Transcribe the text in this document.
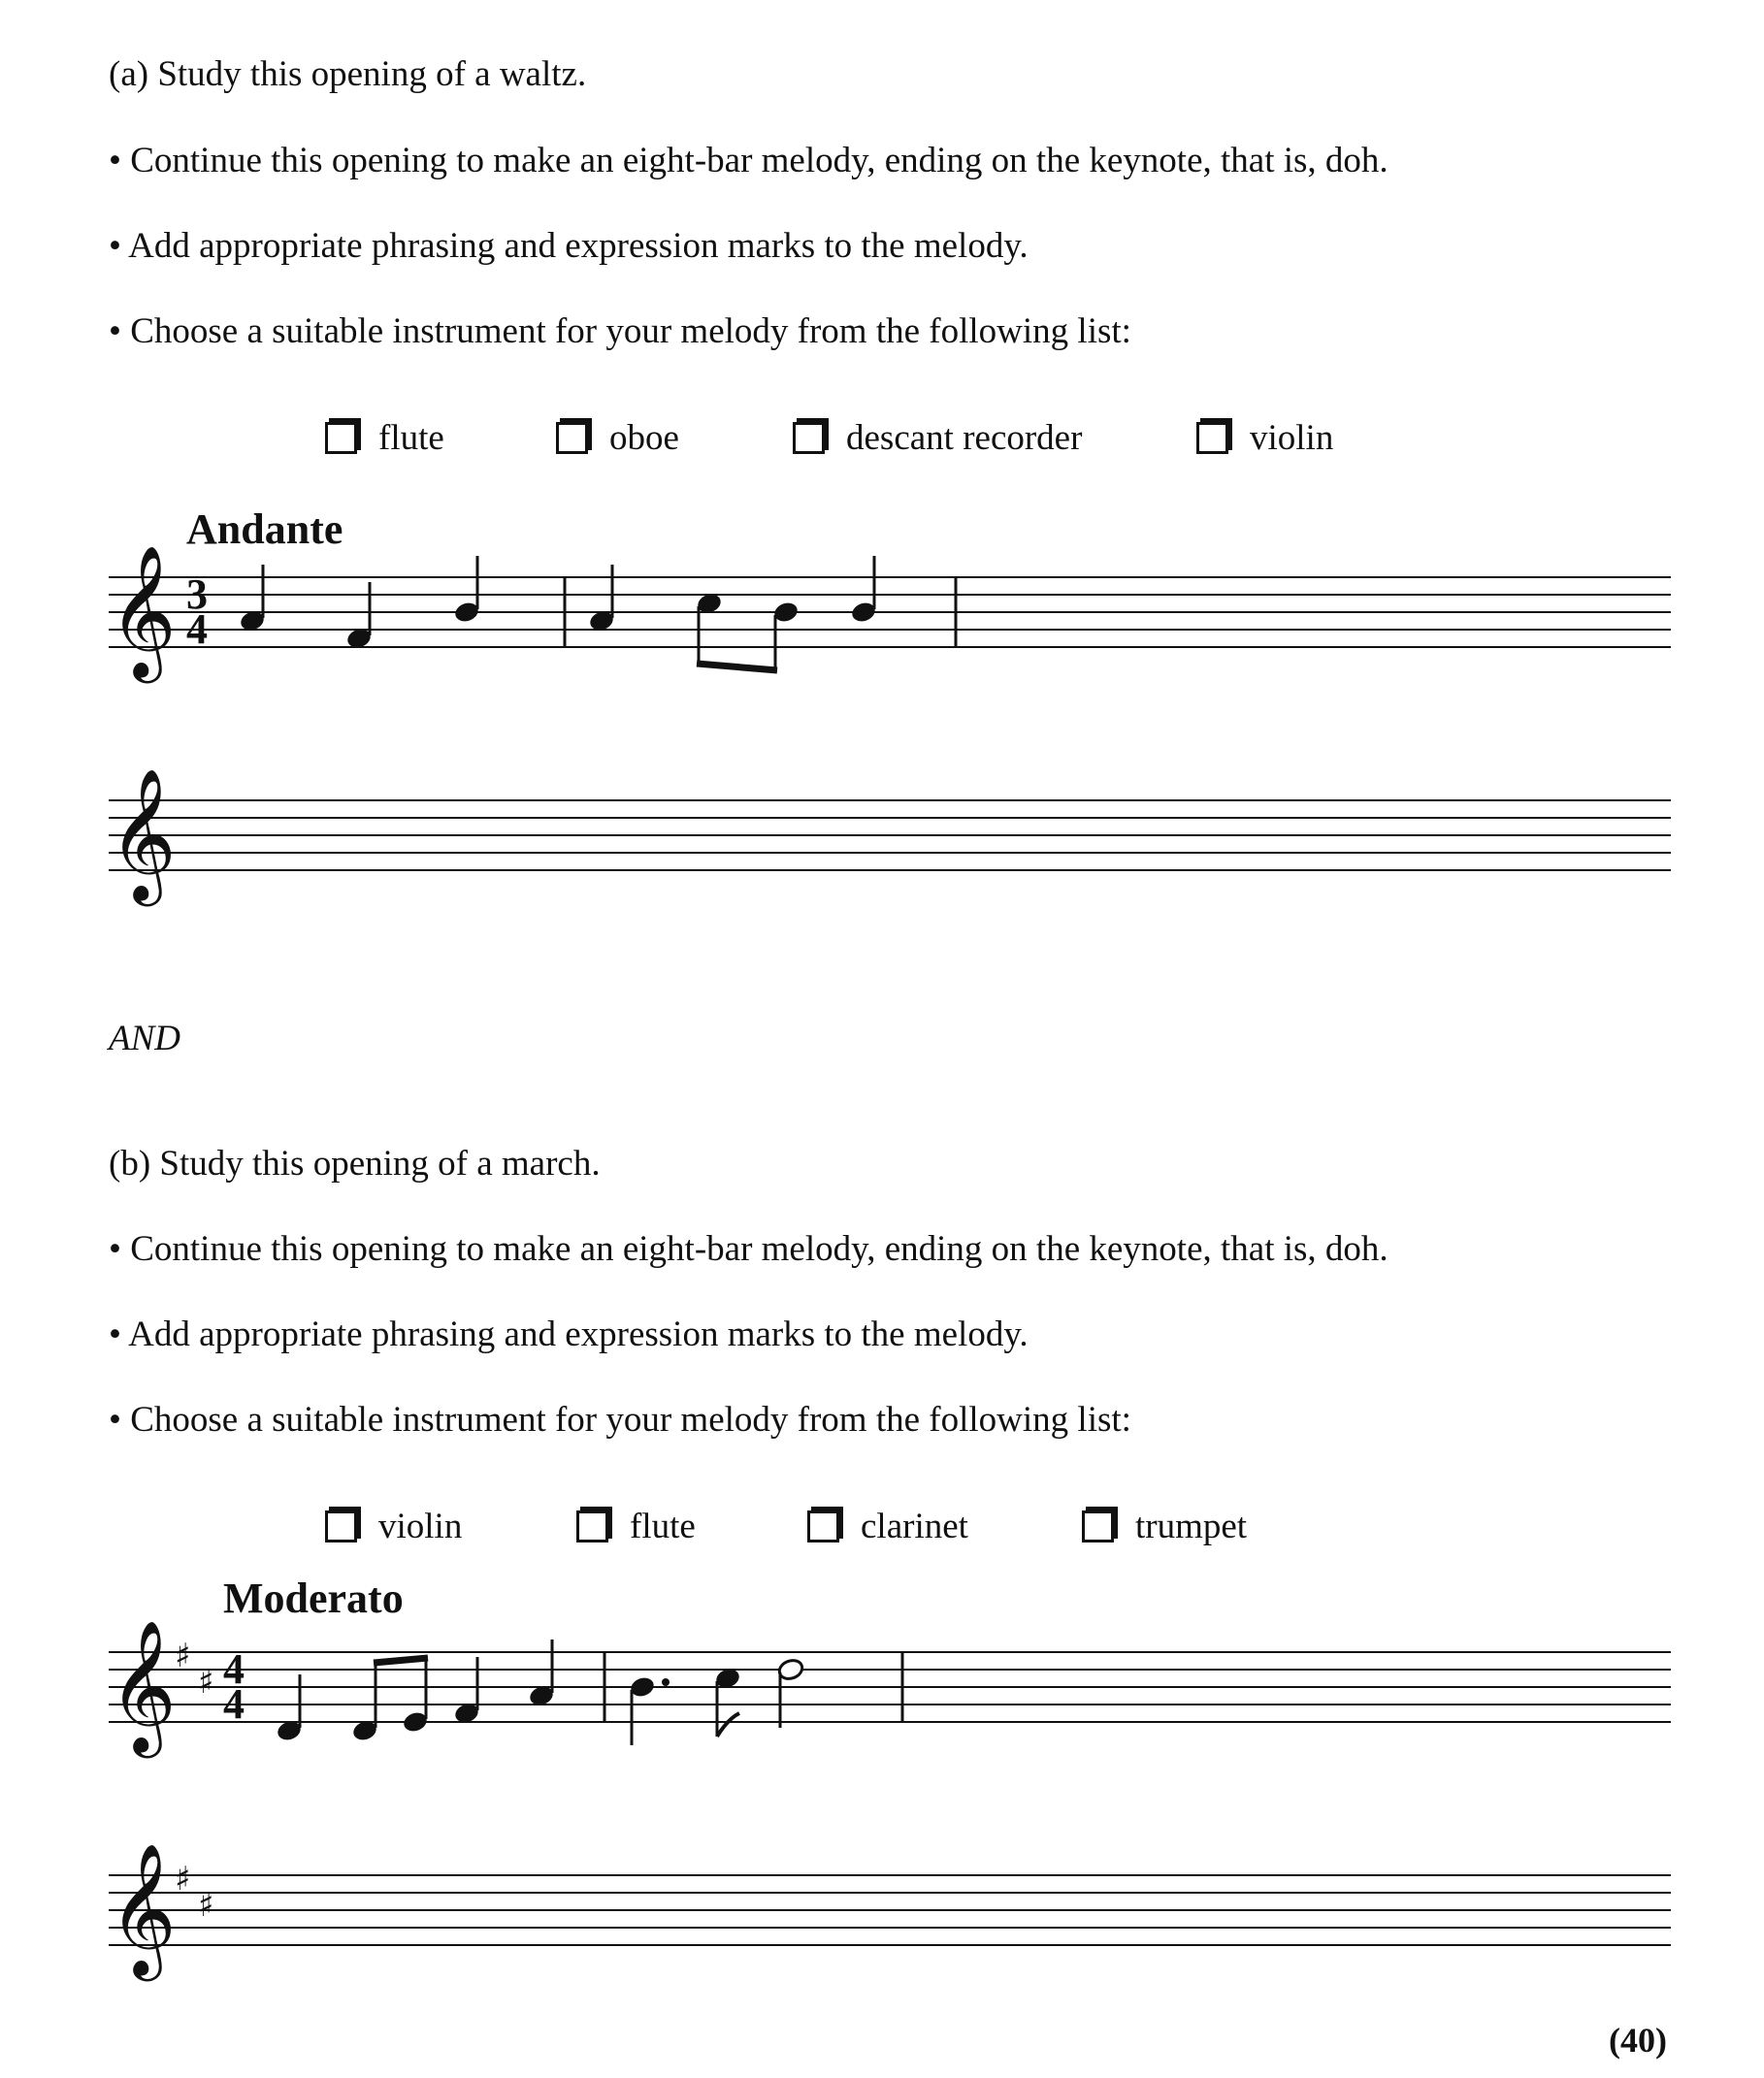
(a) Study this opening of a waltz.
• Continue this opening to make an eight-bar melody, ending on the keynote, that is, doh.
• Add appropriate phrasing and expression marks to the melody.
• Choose a suitable instrument for your melody from the following list:
flute	oboe	descant recorder	violin
Andante
𝄞 3
4
𝄞
AND
(b) Study this opening of a march.
• Continue this opening to make an eight-bar melody, ending on the keynote, that is, doh.
• Add appropriate phrasing and expression marks to the melody.
• Choose a suitable instrument for your melody from the following list:
violin	flute	clarinet	trumpet
Moderato
𝄞
♯
♯ 4
4
𝄞
♯
♯
(40)
